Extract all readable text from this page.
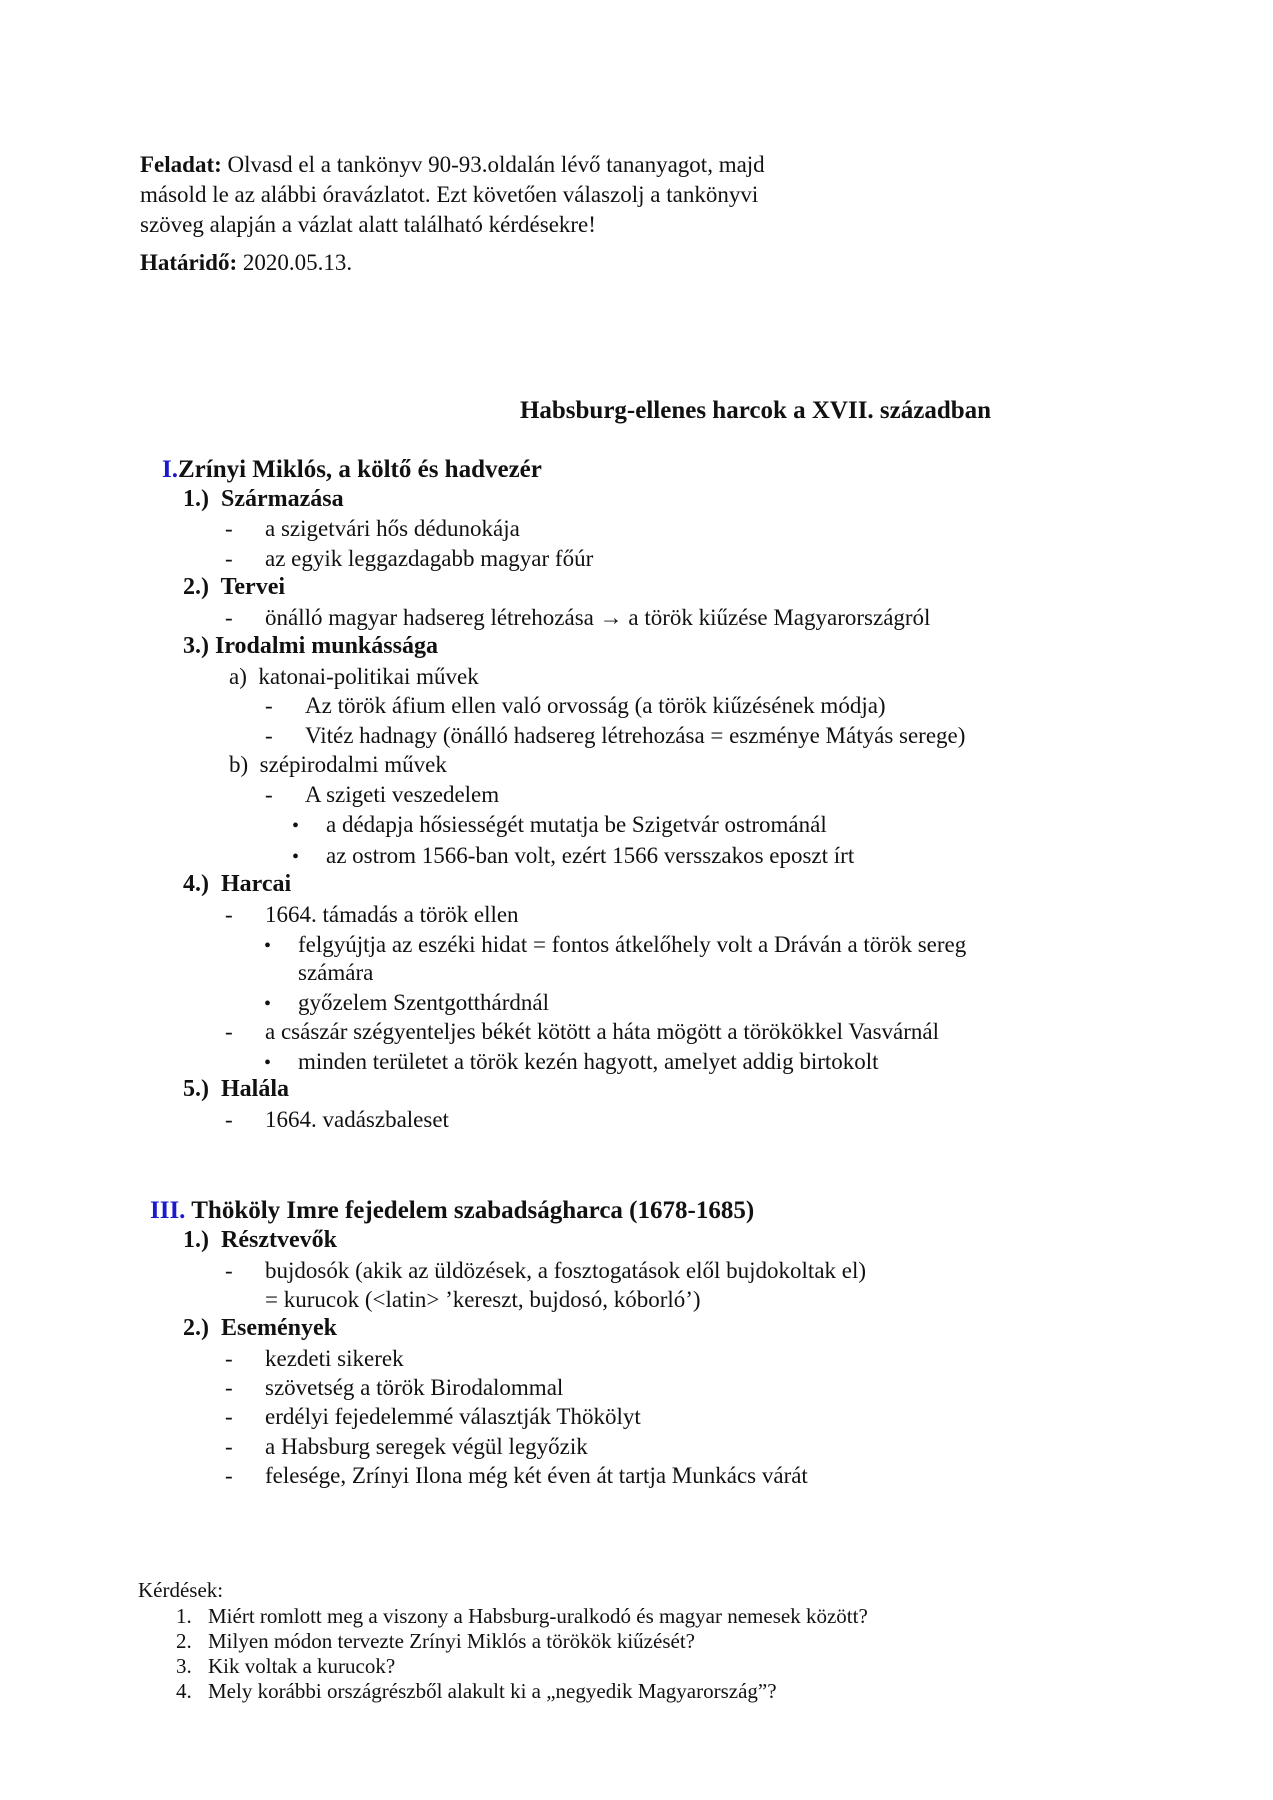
Feladat: Olvasd el a tankönyv 90-93.oldalán lévő tananyagot, majd

másold le az alábbi óravázlatot. Ezt követően válaszolj a tankönyvi

szöveg alapján a vázlat alatt található kérdésekre!

Határidő: 2020.05.13.

Habsburg-ellenes harcok a XVII. században
I.Zrínyi Miklós, a költő és hadvezér
1.) Származása
- a szigetvári hős dédunokája
- az egyik leggazdagabb magyar főúr
2.) Tervei
- önálló magyar hadsereg létrehozása → a török kiűzése Magyarországról
3.) Irodalmi munkássága
a) katonai-politikai művek
- Az török áfium ellen való orvosság (a török kiűzésének módja)
- Vitéz hadnagy (önálló hadsereg létrehozása = eszménye Mátyás serege)
b) szépirodalmi művek
- A szigeti veszedelem
• a dédapja hősiességét mutatja be Szigetvár ostrománál
• az ostrom 1566-ban volt, ezért 1566 versszakos eposzt írt
4.) Harcai
- 1664. támadás a török ellen
• felgyújtja az eszéki hidat = fontos átkelőhely volt a Dráván a török sereg
számára
• győzelem Szentgotthárdnál
- a császár szégyenteljes békét kötött a háta mögött a törökökkel Vasvárnál
• minden területet a török kezén hagyott, amelyet addig birtokolt
5.) Halála
- 1664. vadászbaleset
III. Thököly Imre fejedelem szabadságharca (1678-1685)
1.) Résztvevők
- bujdosók (akik az üldözések, a fosztogatások elől bujdokoltak el)
= kurucok (<latin> ’kereszt, bujdosó, kóborló’)
2.) Események
- kezdeti sikerek
- szövetség a török Birodalommal
- erdélyi fejedelemmé választják Thökölyt
- a Habsburg seregek végül legyőzik
- felesége, Zrínyi Ilona még két éven át tartja Munkács várát
Kérdések:
1. Miért romlott meg a viszony a Habsburg-uralkodó és magyar nemesek között?
2. Milyen módon tervezte Zrínyi Miklós a törökök kiűzését?
3. Kik voltak a kurucok?
4. Mely korábbi országrészből alakult ki a „negyedik Magyarország”?
